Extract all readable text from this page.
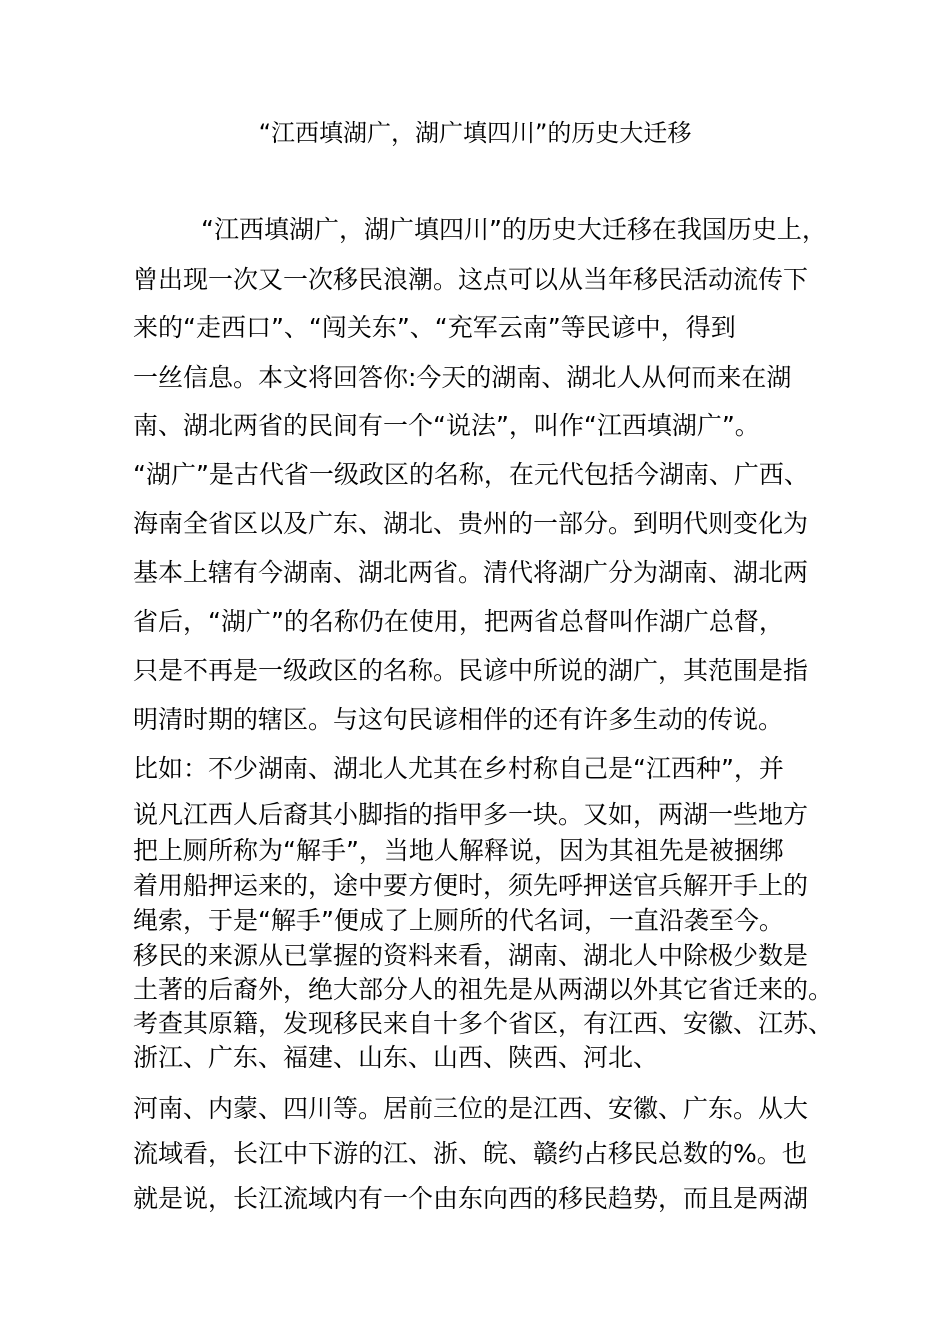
“江西填湖广，湖广填四川”的历史大迁移
“江西填湖广，湖广填四川”的历史大迁移在我国历史上，
曾出现一次又一次移民浪潮。这点可以从当年移民活动流传下
来的“走西口”、“闯关东”、“充军云南”等民谚中，得到
一丝信息。本文将回答你:今天的湖南、湖北人从何而来在湖
南、湖北两省的民间有一个“说法”，叫作“江西填湖广”。
“湖广”是古代省一级政区的名称，在元代包括今湖南、广西、
海南全省区以及广东、湖北、贵州的一部分。到明代则变化为
基本上辖有今湖南、湖北两省。清代将湖广分为湖南、湖北两
省后，“湖广”的名称仍在使用，把两省总督叫作湖广总督，
只是不再是一级政区的名称。民谚中所说的湖广，其范围是指
明清时期的辖区。与这句民谚相伴的还有许多生动的传说。
比如：不少湖南、湖北人尤其在乡村称自己是“江西种”，并
说凡江西人后裔其小脚指的指甲多一块。又如，两湖一些地方
把上厕所称为“解手”，当地人解释说，因为其祖先是被捆绑
着用船押运来的，途中要方便时，须先呼押送官兵解开手上的
绳索，于是“解手”便成了上厕所的代名词，一直沿袭至今。
移民的来源从已掌握的资料来看，湖南、湖北人中除极少数是
土著的后裔外，绝大部分人的祖先是从两湖以外其它省迁来的。
考查其原籍，发现移民来自十多个省区，有江西、安徽、江苏、
浙江、广东、福建、山东、山西、陕西、河北、
河南、内蒙、四川等。居前三位的是江西、安徽、广东。从大
流域看，长江中下游的江、浙、皖、赣约占移民总数的%。也
就是说，长江流域内有一个由东向西的移民趋势，而且是两湖
